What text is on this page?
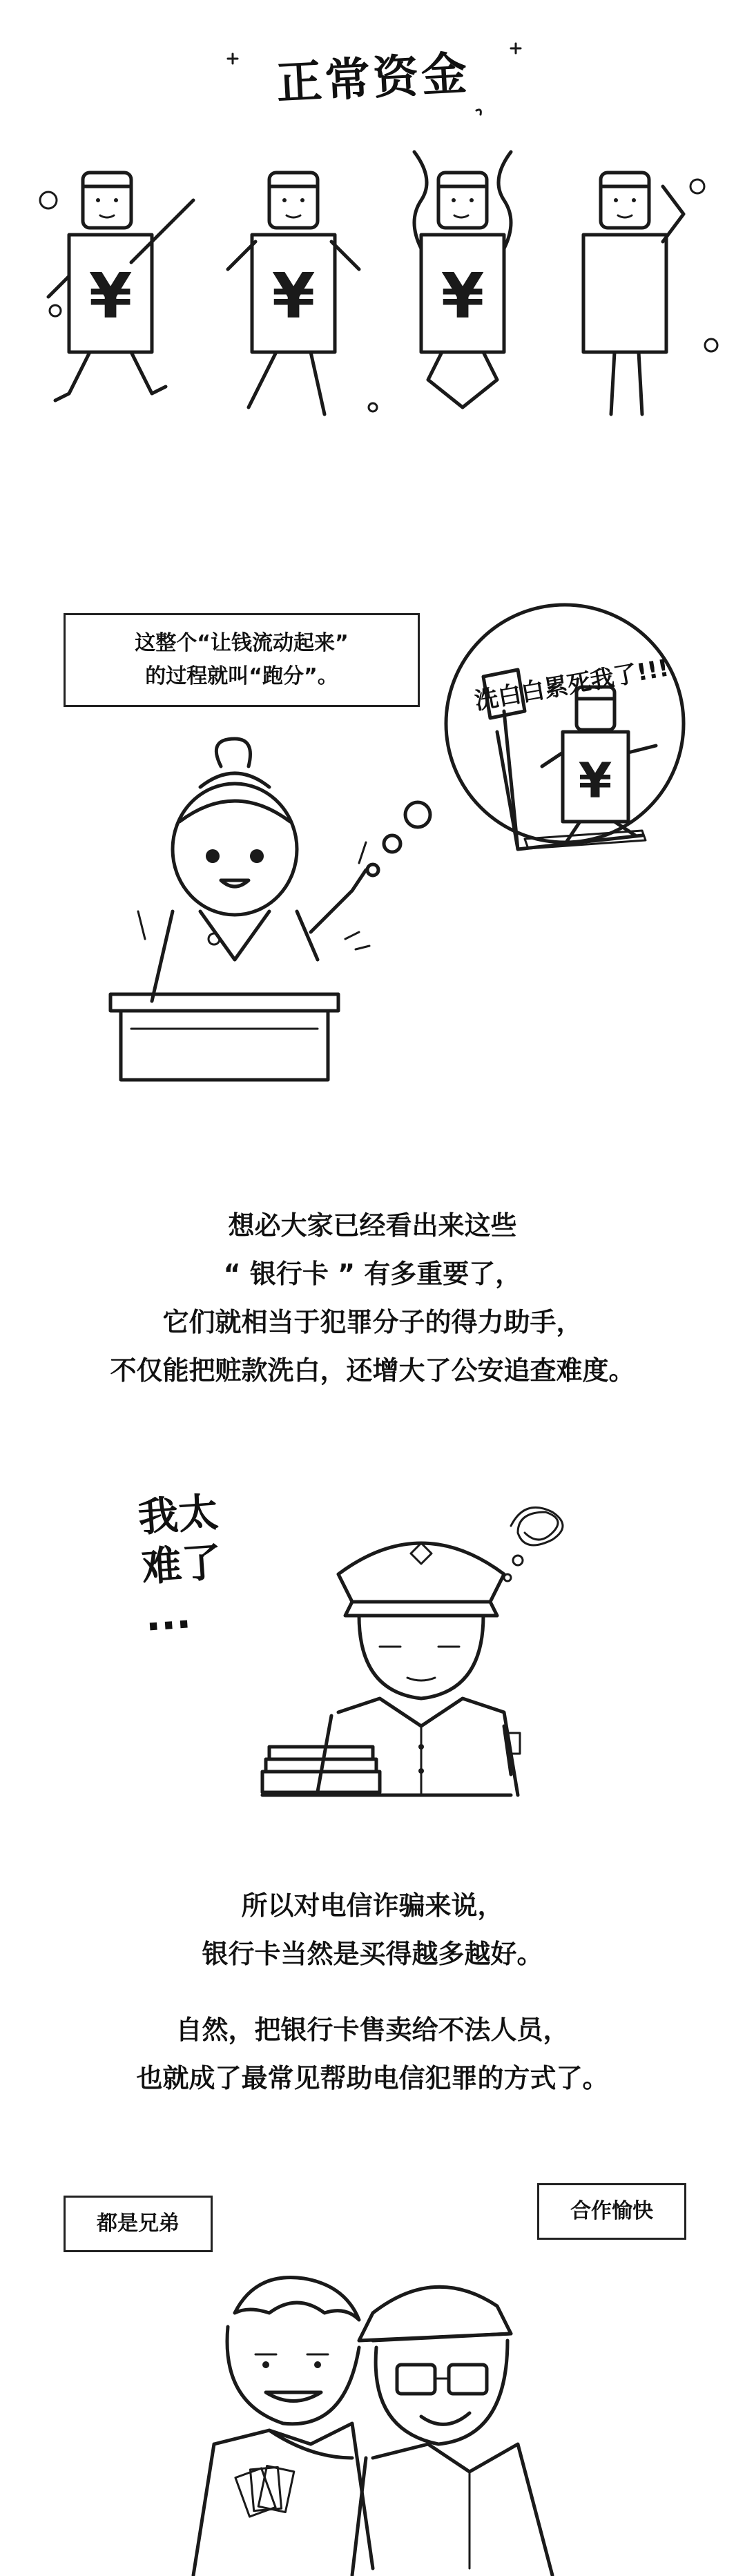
正常资金
¥ ¥ ¥ ¥
这整个“让钱流动起来”
的过程就叫“跑分”。
¥
洗白白累死我了!!!
想必大家已经看出来这些
“ 银行卡 ” 有多重要了，
它们就相当于犯罪分子的得力助手，
不仅能把赃款洗白，还增大了公安追查难度。
我太
难了
...
所以对电信诈骗来说，
银行卡当然是买得越多越好。
自然，把银行卡售卖给不法人员，
也就成了最常见帮助电信犯罪的方式了。
都是兄弟
合作愉快
